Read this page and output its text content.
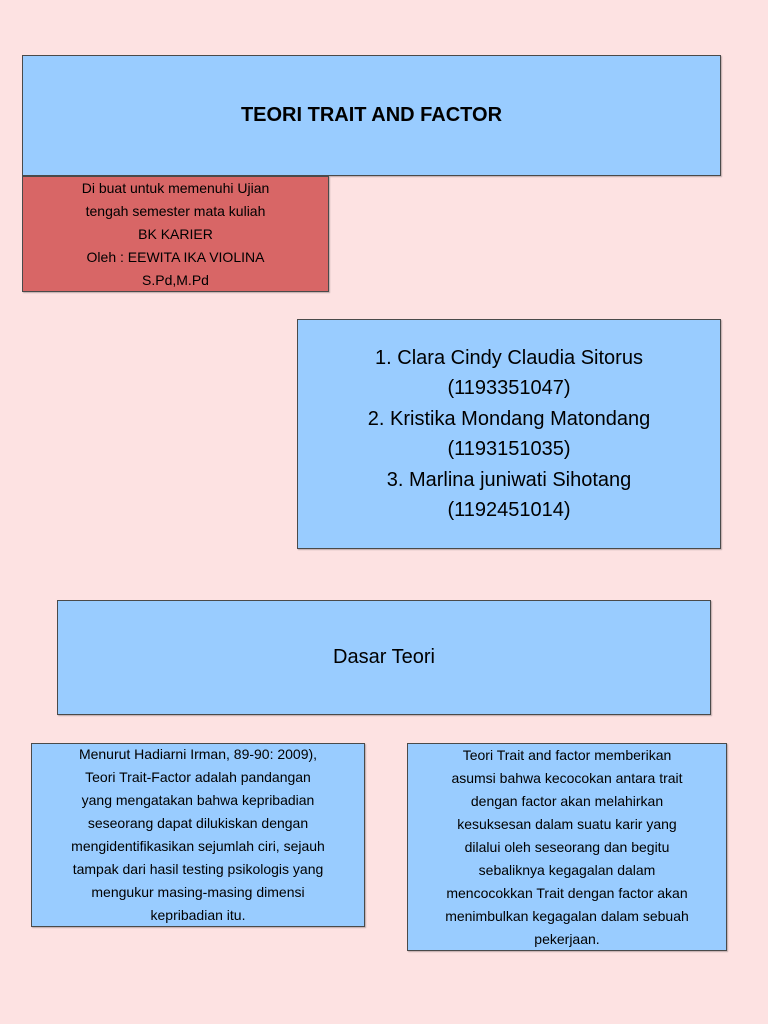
TEORI TRAIT AND FACTOR
Di buat untuk memenuhi Ujian
tengah semester mata kuliah
BK KARIER
Oleh : EEWITA IKA VIOLINA
S.Pd,M.Pd
1. Clara Cindy Claudia Sitorus
(1193351047)
2. Kristika Mondang Matondang
(1193151035)
3. Marlina juniwati Sihotang
(1192451014)
Dasar Teori
Menurut Hadiarni Irman, 89-90: 2009),
Teori Trait-Factor adalah pandangan
yang mengatakan bahwa kepribadian
seseorang dapat dilukiskan dengan
mengidentifikasikan sejumlah ciri, sejauh
tampak dari hasil testing psikologis yang
mengukur masing-masing dimensi
kepribadian itu.
Teori Trait and factor memberikan
asumsi bahwa kecocokan antara trait
dengan factor akan melahirkan
kesuksesan dalam suatu karir yang
dilalui oleh seseorang dan begitu
sebaliknya kegagalan dalam
mencocokkan Trait dengan factor akan
menimbulkan kegagalan dalam sebuah
pekerjaan.
